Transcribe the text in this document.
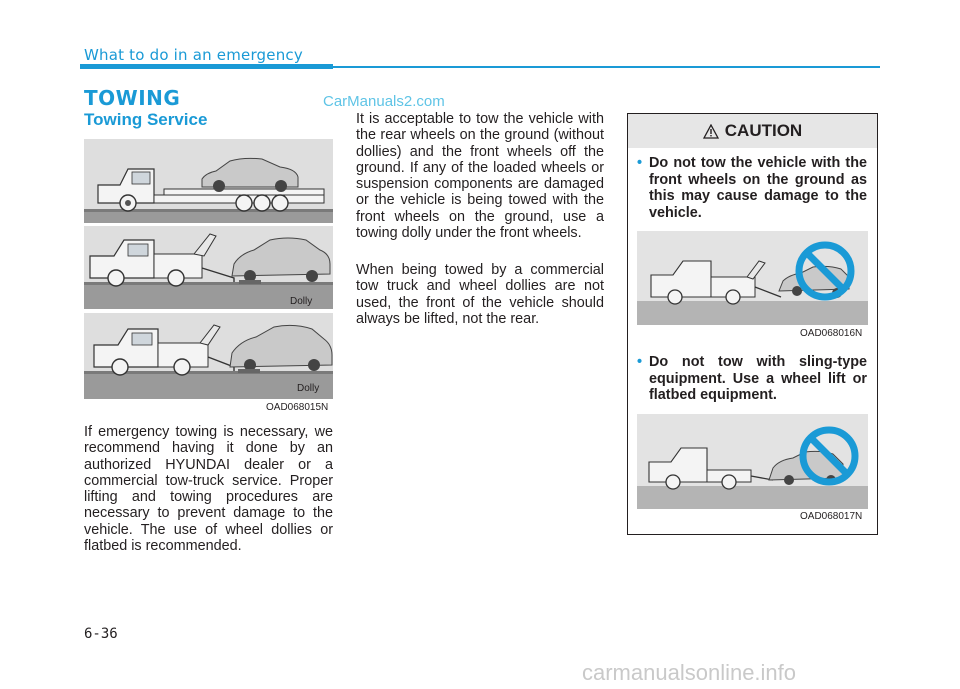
What to do in an emergency
TOWING	CarManuals2.com
Towing Service
Dolly
Dolly
OAD068015N
If emergency towing is necessary, we recommend having it done by an authorized HYUNDAI dealer or a commercial tow-truck service. Proper lifting and towing procedures are necessary to prevent damage to the vehicle. The use of wheel dollies or flatbed is recommended.
It is acceptable to tow the vehicle with the rear wheels on the ground (without dollies) and the front wheels off the ground. If any of the loaded wheels or suspension components are damaged or the vehicle is being towed with the front wheels on the ground, use a towing dolly under the front wheels.
When being towed by a commercial tow truck and wheel dollies are not used, the front of the vehicle should always be lifted, not the rear.
CAUTION
• Do not tow the vehicle with the front wheels on the ground as this may cause damage to the vehicle.
OAD068016N
• Do not tow with sling-type equipment. Use a wheel lift or flatbed equipment.
OAD068017N
6-36
carmanualsonline.info
